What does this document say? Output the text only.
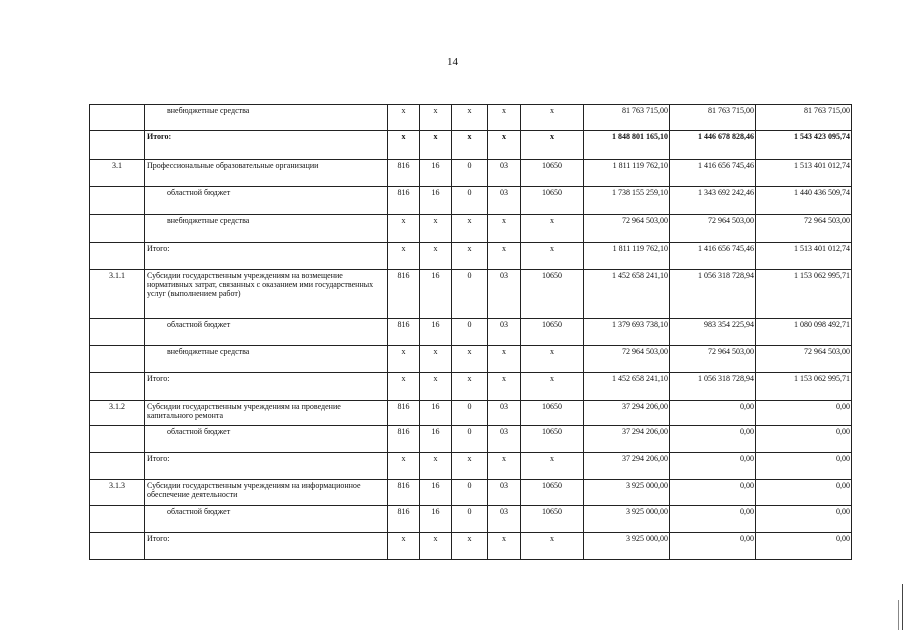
14
	внебюджетные средства	x	x	x	x	x	81 763 715,00	81 763 715,00	81 763 715,00
	Итого:	x	x	x	x	x	1 848 801 165,10	1 446 678 828,46	1 543 423 095,74
3.1	Профессиональные образовательные организации	816	16	0	03	10650	1 811 119 762,10	1 416 656 745,46	1 513 401 012,74
	областной бюджет	816	16	0	03	10650	1 738 155 259,10	1 343 692 242,46	1 440 436 509,74
	внебюджетные средства	x	x	x	x	x	72 964 503,00	72 964 503,00	72 964 503,00
	Итого:	x	x	x	x	x	1 811 119 762,10	1 416 656 745,46	1 513 401 012,74
3.1.1	Субсидии государственным учреждениям на возмещение нормативных затрат, связанных с оказанием ими государственных услуг (выполнением работ)	816	16	0	03	10650	1 452 658 241,10	1 056 318 728,94	1 153 062 995,71
	областной бюджет	816	16	0	03	10650	1 379 693 738,10	983 354 225,94	1 080 098 492,71
	внебюджетные средства	x	x	x	x	x	72 964 503,00	72 964 503,00	72 964 503,00
	Итого:	x	x	x	x	x	1 452 658 241,10	1 056 318 728,94	1 153 062 995,71
3.1.2	Субсидии государственным учреждениям на проведение капитального ремонта	816	16	0	03	10650	37 294 206,00	0,00	0,00
	областной бюджет	816	16	0	03	10650	37 294 206,00	0,00	0,00
	Итого:	x	x	x	x	x	37 294 206,00	0,00	0,00
3.1.3	Субсидии государственным учреждениям на информационное обеспечение деятельности	816	16	0	03	10650	3 925 000,00	0,00	0,00
	областной бюджет	816	16	0	03	10650	3 925 000,00	0,00	0,00
	Итого:	x	x	x	x	x	3 925 000,00	0,00	0,00
